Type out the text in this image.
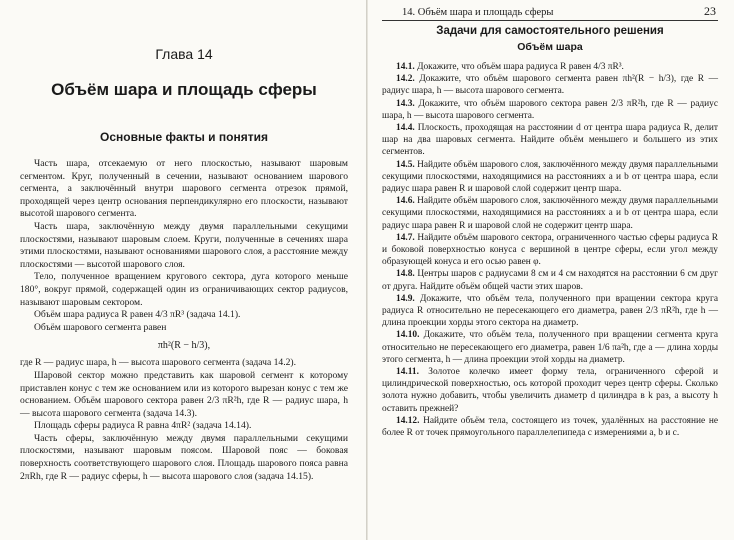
Глава 14
Объём шара и площадь сферы
Основные факты и понятия

Часть шара, отсекаемую от него плоскостью, называют шаровым сегментом. Круг, полученный в сечении, называют основанием шарового сегмента, а заключённый внутри шарового сегмента отрезок прямой, проходящей через центр основания перпендикулярно его плоскости, называют высотой шарового сегмента.

Часть шара, заключённую между двумя параллельными секущими плоскостями, называют шаровым слоем. Круги, полученные в сечениях шара этими плоскостями, называют основаниями шарового слоя, а расстояние между плоскостями — высотой шарового слоя.

Тело, полученное вращением кругового сектора, дуга которого меньше 180°, вокруг прямой, содержащей один из ограничивающих сектор радиусов, называют шаровым сектором.

Объём шара радиуса R равен 4/3 πR³ (задача 14.1).

Объём шарового сегмента равен

πh²(R − h/3),

где R — радиус шара, h — высота шарового сегмента (задача 14.2).

Шаровой сектор можно представить как шаровой сегмент к которому приставлен конус с тем же основанием или из которого вырезан конус с тем же основанием. Объём шарового сектора равен 2/3 πR²h, где R — радиус шара, h — высота шарового сегмента (задача 14.3).

Площадь сферы радиуса R равна 4πR² (задача 14.14).

Часть сферы, заключённую между двумя параллельными секущими плоскостями, называют шаровым поясом. Шаровой пояс — боковая поверхность соответствующего шарового слоя. Площадь шарового пояса равна 2πRh, где R — радиус сферы, h — высота шарового слоя (задача 14.15).

14. Объём шара и площадь сферы	23
Задачи для самостоятельного решения
Объём шара

14.1. Докажите, что объём шара радиуса R равен 4/3 πR³.

14.2. Докажите, что объём шарового сегмента равен πh²(R − h/3), где R — радиус шара, h — высота шарового сегмента.

14.3. Докажите, что объём шарового сектора равен 2/3 πR²h, где R — радиус шара, h — высота шарового сегмента.

14.4. Плоскость, проходящая на расстоянии d от центра шара радиуса R, делит шар на два шаровых сегмента. Найдите объём меньшего и большего из этих сегментов.

14.5. Найдите объём шарового слоя, заключённого между двумя параллельными секущими плоскостями, находящимися на расстояниях a и b от центра шара, если радиус шара равен R и шаровой слой содержит центр шара.

14.6. Найдите объём шарового слоя, заключённого между двумя параллельными секущими плоскостями, находящимися на расстояниях a и b от центра шара, если радиус шара равен R и шаровой слой не содержит центр шара.

14.7. Найдите объём шарового сектора, ограниченного частью сферы радиуса R и боковой поверхностью конуса с вершиной в центре сферы, если угол между образующей конуса и его осью равен φ.

14.8. Центры шаров с радиусами 8 см и 4 см находятся на расстоянии 6 см друг от друга. Найдите объём общей части этих шаров.

14.9. Докажите, что объём тела, полученного при вращении сектора круга радиуса R относительно не пересекающего его диаметра, равен 2/3 πR²h, где h — длина проекции хорды этого сектора на диаметр.

14.10. Докажите, что объём тела, полученного при вращении сегмента круга относительно не пересекающего его диаметра, равен 1/6 πa²h, где a — длина хорды этого сегмента, h — длина проекции этой хорды на диаметр.

14.11. Золотое колечко имеет форму тела, ограниченного сферой и цилиндрической поверхностью, ось которой проходит через центр сферы. Сколько золота нужно добавить, чтобы увеличить диаметр d цилиндра в k раз, а высоту h оставить прежней?

14.12. Найдите объём тела, состоящего из точек, удалённых на расстояние не более R от точек прямоугольного параллелепипеда с измерениями a, b и c.
